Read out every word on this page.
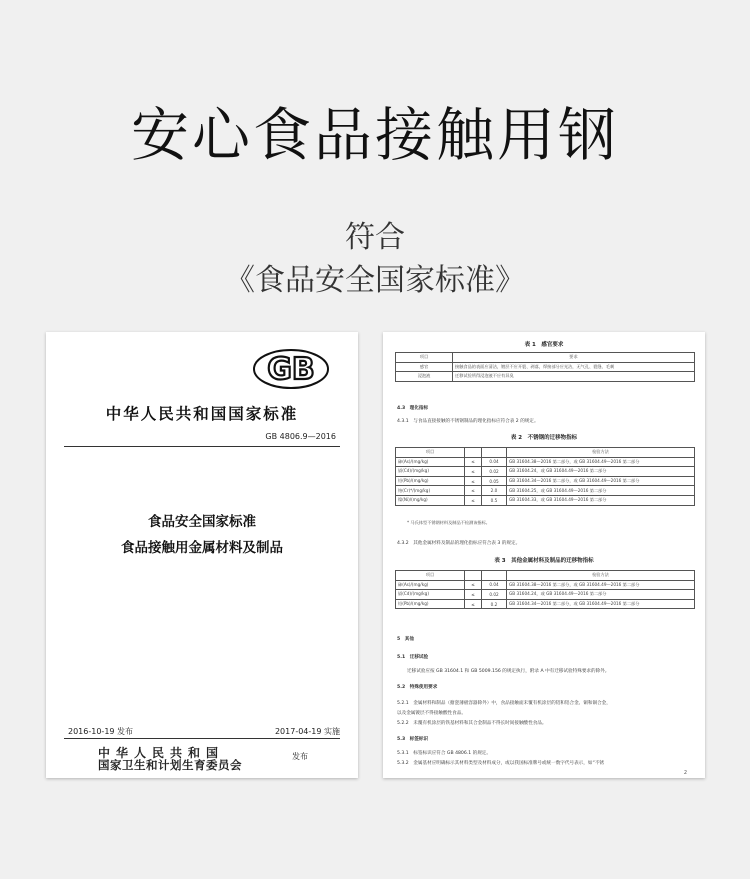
安心食品接触用钢
符合
《食品安全国家标准》
GB
中华人民共和国国家标准
GB 4806.9—2016
食品安全国家标准
食品接触用金属材料及制品
2016-10-19 发布	2017-04-19 实施
中华人民共和国
国家卫生和计划生育委员会
发布
表 1　感官要求
项目	要求
感官	接触食品的表面应清洁，镀层不应开裂、剥落，焊接部分应光洁，无气孔、裂缝、毛刺
浸泡液	迁移试验所得浸泡液不应有异臭
4.3　理化指标
4.3.1　与食品直接接触的不锈钢制品的理化指标应符合表 2 的规定。
表 2　不锈钢的迁移物指标
项目			检验方法
砷(As)/(mg/kg)	≤	0.04	GB 31604.38—2016 第二部分，或 GB 31604.49—2016 第二部分
镉(Cd)/(mg/kg)	≤	0.02	GB 31604.24，或 GB 31604.49—2016 第二部分
铅(Pb)/(mg/kg)	≤	0.05	GB 31604.34—2016 第二部分，或 GB 31604.49—2016 第二部分
铬(Cr)*/(mg/kg)	≤	2.0	GB 31604.25，或 GB 31604.49—2016 第二部分
镍(Ni)/(mg/kg)	≤	0.5	GB 31604.33，或 GB 31604.49—2016 第二部分
* 马氏体型不锈钢材料及制品不检测该指标。
4.3.2　其他金属材料及制品的理化指标应符合表 3 的规定。
表 3　其他金属材料及制品的迁移物指标
项目			检验方法
砷(As)/(mg/kg)	≤	0.04	GB 31604.38—2016 第二部分，或 GB 31604.49—2016 第二部分
镉(Cd)/(mg/kg)	≤	0.02	GB 31604.24，或 GB 31604.49—2016 第二部分
铅(Pb)/(mg/kg)	≤	0.2	GB 31604.34—2016 第二部分，或 GB 31604.49—2016 第二部分
5　其他
5.1　迁移试验
迁移试验应按 GB 31604.1 和 GB 5009.156 的规定执行，附录 A 中有迁移试验特殊要求的除外。
5.2　特殊使用要求
5.2.1　金属材料和制品（搪瓷薄板容器除外）中，食品接触面未覆有机涂层的铝和铝合金、铜和铜合金，
以及金属镀层不得接触酸性食品。
5.2.2　未覆有机涂层的铁基材料和其合金制品不得长时间接触酸性食品。
5.3　标签标识
5.3.1　标签标识应符合 GB 4806.1 的规定。
5.3.2　金属基材应明确标示其材料类型及材料成分，或以我国标准牌号或统一数字代号表示，如“不锈
2
